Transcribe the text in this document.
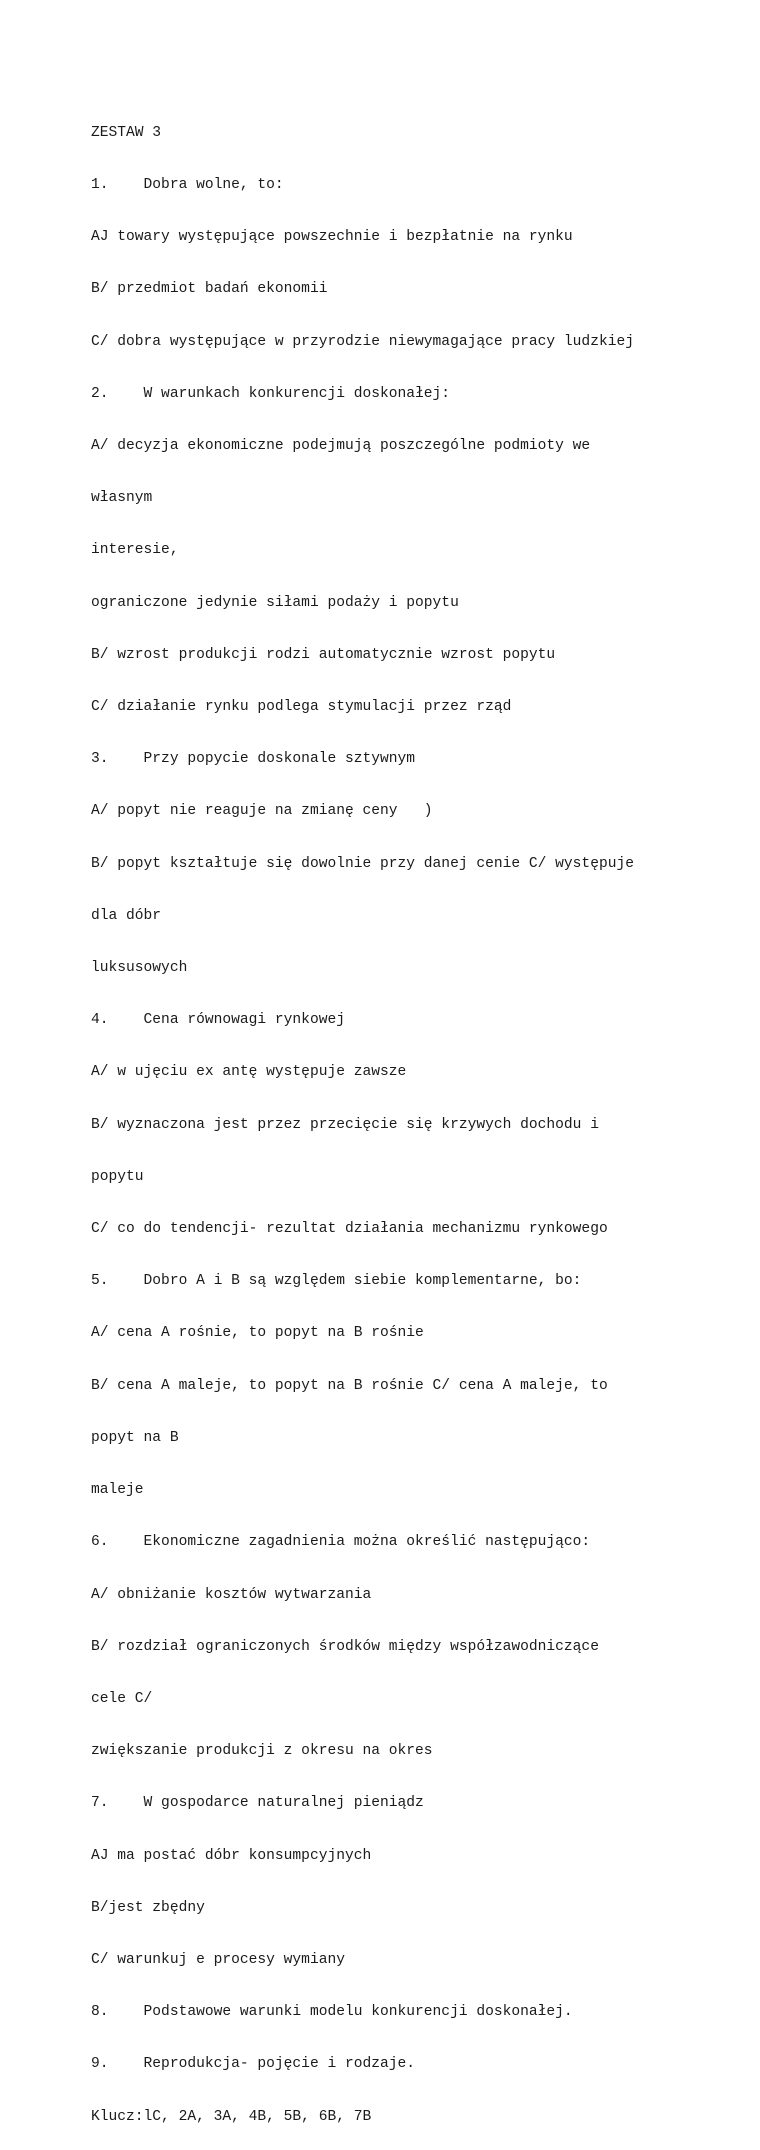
ZESTAW 3

1.    Dobra wolne, to:

AJ towary występujące powszechnie i bezpłatnie na rynku

B/ przedmiot badań ekonomii

C/ dobra występujące w przyrodzie niewymagające pracy ludzkiej

2.    W warunkach konkurencji doskonałej:

A/ decyzja ekonomiczne podejmują poszczególne podmioty we

własnym

interesie,

ograniczone jedynie siłami podaży i popytu

B/ wzrost produkcji rodzi automatycznie wzrost popytu

C/ działanie rynku podlega stymulacji przez rząd

3.    Przy popycie doskonale sztywnym

A/ popyt nie reaguje na zmianę ceny   )

B/ popyt kształtuje się dowolnie przy danej cenie C/ występuje

dla dóbr

luksusowych

4.    Cena równowagi rynkowej

A/ w ujęciu ex antę występuje zawsze

B/ wyznaczona jest przez przecięcie się krzywych dochodu i

popytu

C/ co do tendencji- rezultat działania mechanizmu rynkowego

5.    Dobro A i B są względem siebie komplementarne, bo:

A/ cena A rośnie, to popyt na B rośnie

B/ cena A maleje, to popyt na B rośnie C/ cena A maleje, to

popyt na B

maleje

6.    Ekonomiczne zagadnienia można określić następująco:

A/ obniżanie kosztów wytwarzania

B/ rozdział ograniczonych środków między współzawodniczące

cele C/

zwiększanie produkcji z okresu na okres

7.    W gospodarce naturalnej pieniądz

AJ ma postać dóbr konsumpcyjnych

B/jest zbędny

C/ warunkuj e procesy wymiany

8.    Podstawowe warunki modelu konkurencji doskonałej.

9.    Reprodukcja- pojęcie i rodzaje.

Klucz:lC, 2A, 3A, 4B, 5B, 6B, 7B
